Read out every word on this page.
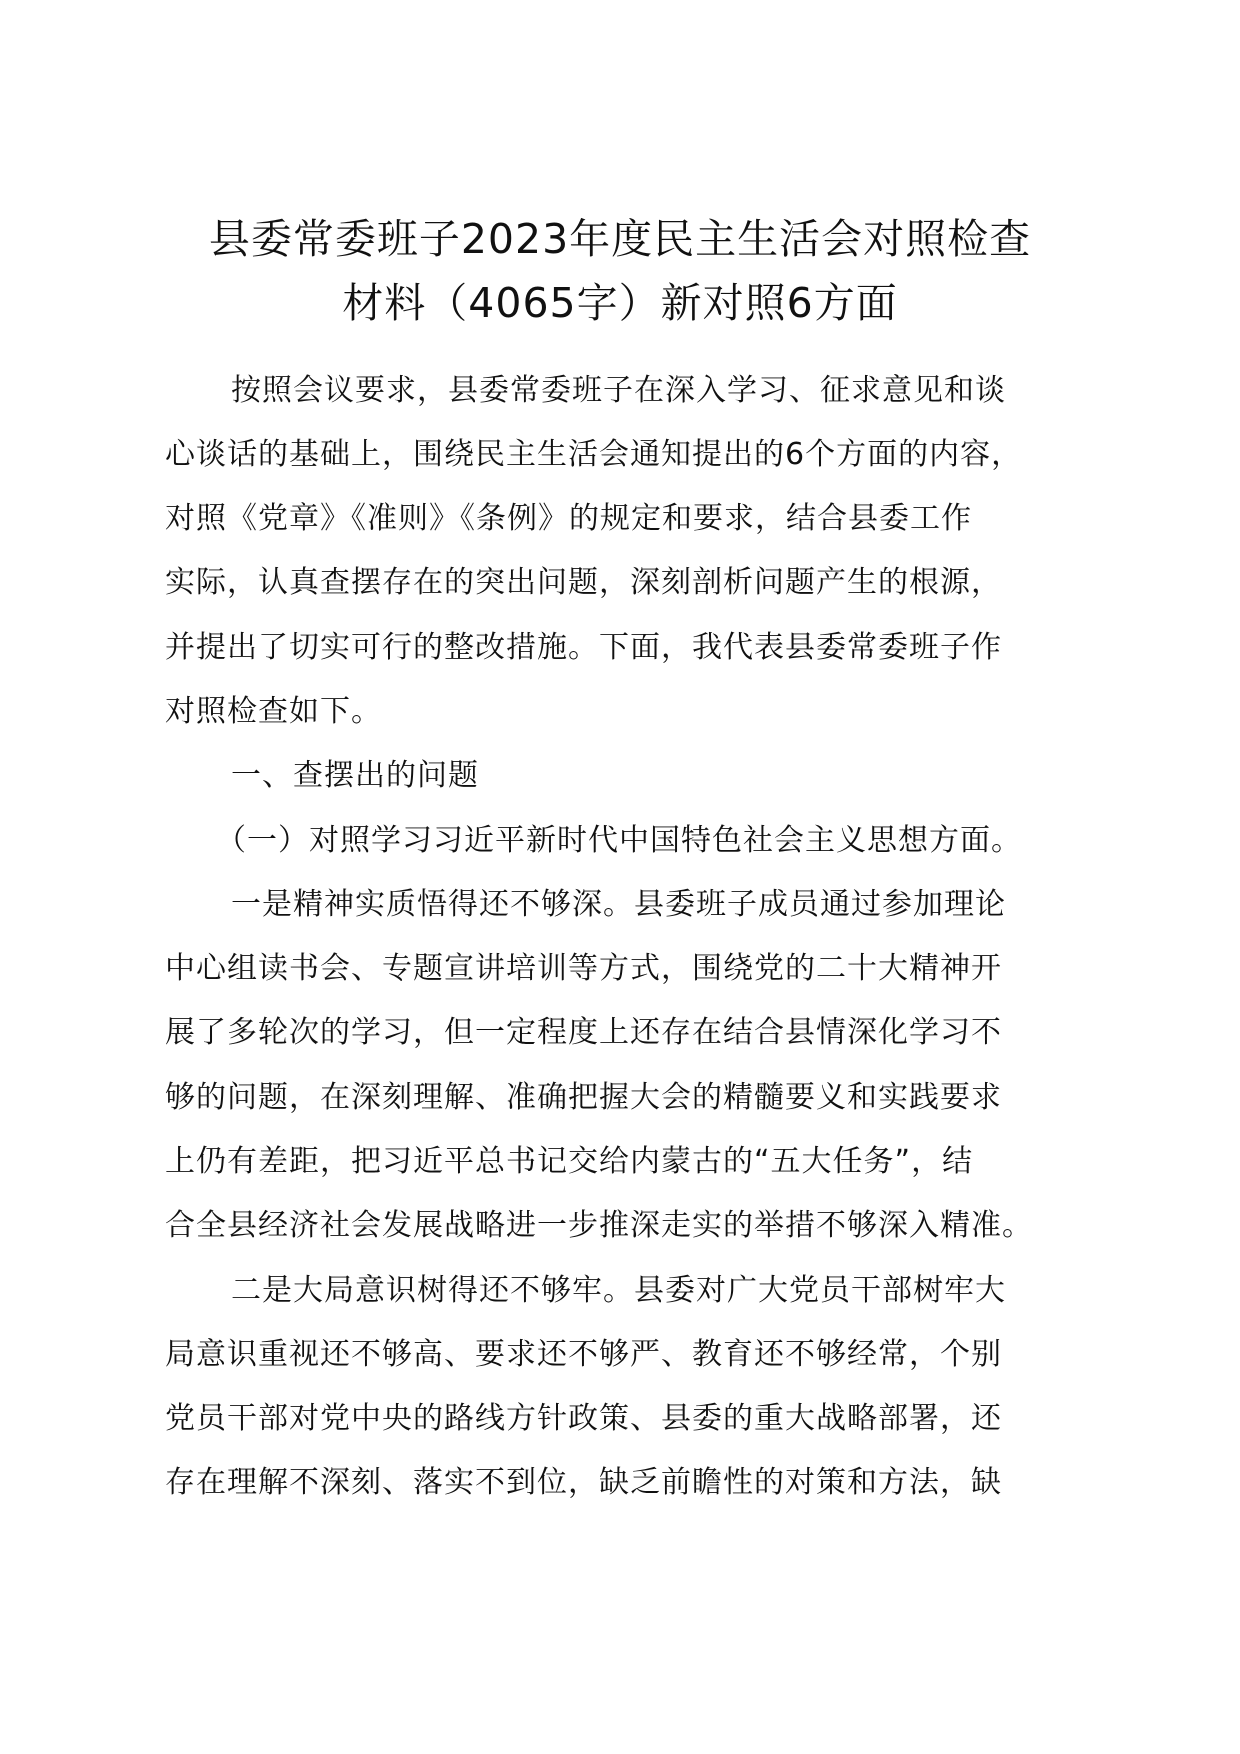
县委常委班子2023年度民主生活会对照检查
材料（4065字）新对照6方面

按照会议要求，县委常委班子在深入学习、征求意见和谈

心谈话的基础上，围绕民主生活会通知提出的6个方面的内容，

对照《党章》《准则》《条例》的规定和要求，结合县委工作

实际，认真查摆存在的突出问题，深刻剖析问题产生的根源，

并提出了切实可行的整改措施。下面，我代表县委常委班子作

对照检查如下。

一、查摆出的问题

（一）对照学习习近平新时代中国特色社会主义思想方面。

一是精神实质悟得还不够深。县委班子成员通过参加理论

中心组读书会、专题宣讲培训等方式，围绕党的二十大精神开

展了多轮次的学习，但一定程度上还存在结合县情深化学习不

够的问题，在深刻理解、准确把握大会的精髓要义和实践要求

上仍有差距，把习近平总书记交给内蒙古的“五大任务”，结

合全县经济社会发展战略进一步推深走实的举措不够深入精准。

二是大局意识树得还不够牢。县委对广大党员干部树牢大

局意识重视还不够高、要求还不够严、教育还不够经常，个别

党员干部对党中央的路线方针政策、县委的重大战略部署，还

存在理解不深刻、落实不到位，缺乏前瞻性的对策和方法，缺
